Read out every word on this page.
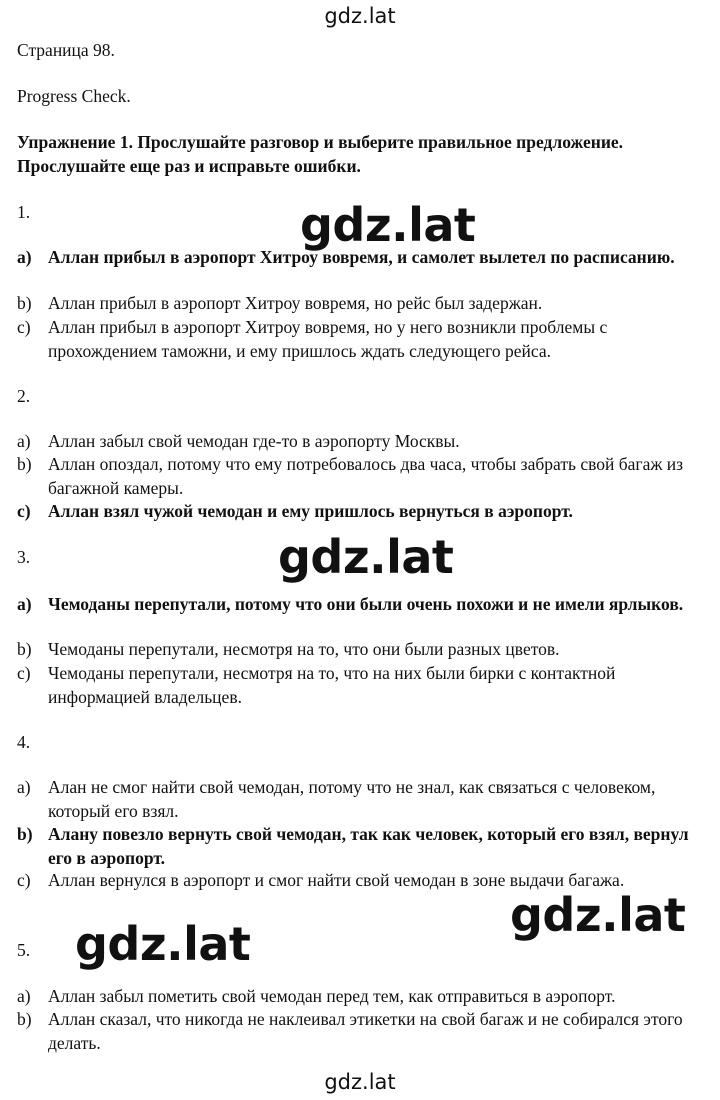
gdz.lat
Страница 98.
Progress Check.
Упражнение 1. Прослушайте разговор и выберите правильное предложение. Прослушайте еще раз и исправьте ошибки.
1.
a) Аллан прибыл в аэропорт Хитроу вовремя, и самолет вылетел по расписанию.
b) Аллан прибыл в аэропорт Хитроу вовремя, но рейс был задержан.
c) Аллан прибыл в аэропорт Хитроу вовремя, но у него возникли проблемы с прохождением таможни, и ему пришлось ждать следующего рейса.
2.
a) Аллан забыл свой чемодан где-то в аэропорту Москвы.
b) Аллан опоздал, потому что ему потребовалось два часа, чтобы забрать свой багаж из багажной камеры.
c) Аллан взял чужой чемодан и ему пришлось вернуться в аэропорт.
3.
a) Чемоданы перепутали, потому что они были очень похожи и не имели ярлыков.
b) Чемоданы перепутали, несмотря на то, что они были разных цветов.
c) Чемоданы перепутали, несмотря на то, что на них были бирки с контактной информацией владельцев.
4.
a) Алан не смог найти свой чемодан, потому что не знал, как связаться с человеком, который его взял.
b) Алану повезло вернуть свой чемодан, так как человек, который его взял, вернул его в аэропорт.
c) Аллан вернулся в аэропорт и смог найти свой чемодан в зоне выдачи багажа.
5.
a) Аллан забыл пометить свой чемодан перед тем, как отправиться в аэропорт.
b) Аллан сказал, что никогда не наклеивал этикетки на свой багаж и не собирался этого делать.
gdz.lat
gdz.lat
gdz.lat
gdz.lat
gdz.lat
